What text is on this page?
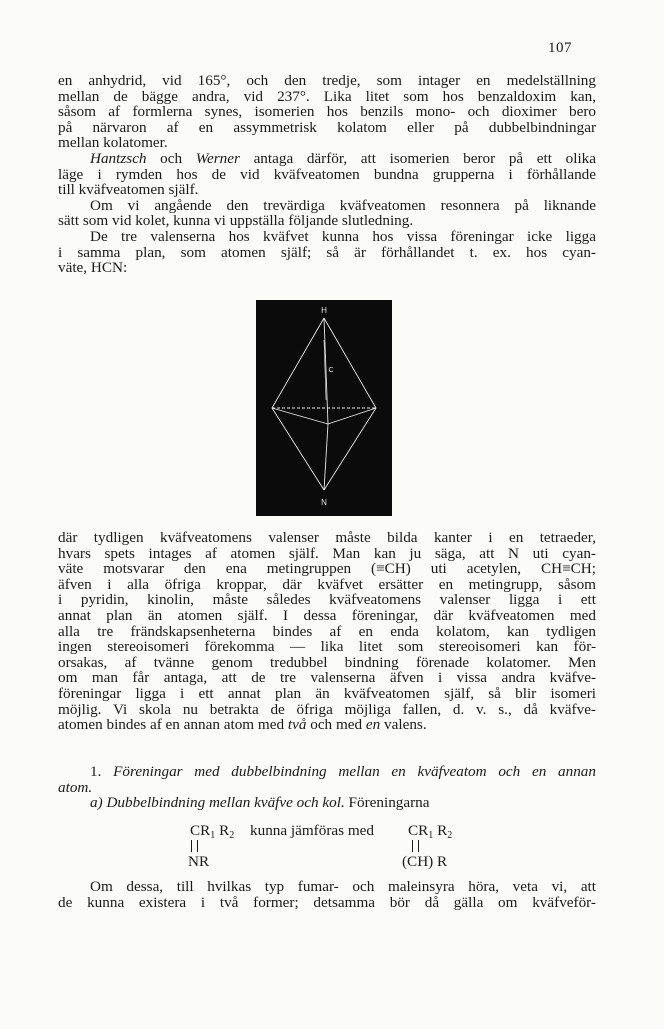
107
en anhydrid, vid 165°, och den tredje, som intager en medelställning
mellan de bägge andra, vid 237°. Lika litet som hos benzaldoxim kan,
såsom af formlerna synes, isomerien hos benzils mono- och dioximer bero
på närvaron af en assymmetrisk kolatom eller på dubbelbindningar
mellan kolatomer.
Hantzsch och Werner antaga därför, att isomerien beror på ett olika
läge i rymden hos de vid kväfveatomen bundna grupperna i förhållande
till kväfveatomen själf.
Om vi angående den trevärdiga kväfveatomen resonnera på liknande
sätt som vid kolet, kunna vi uppställa följande slutledning.
De tre valenserna hos kväfvet kunna hos vissa föreningar icke ligga
i samma plan, som atomen själf; så är förhållandet t. ex. hos cyan-
väte, HCN:
H
C
N
där tydligen kväfveatomens valenser måste bilda kanter i en tetraeder,
hvars spets intages af atomen själf. Man kan ju säga, att N uti cyan-
väte motsvarar den ena metingruppen (≡CH) uti acetylen, CH≡CH;
äfven i alla öfriga kroppar, där kväfvet ersätter en metingrupp, såsom
i pyridin, kinolin, måste således kväfveatomens valenser ligga i ett
annat plan än atomen själf. I dessa föreningar, där kväfveatomen med
alla tre frändskapsenheterna bindes af en enda kolatom, kan tydligen
ingen stereoisomeri förekomma — lika litet som stereoisomeri kan för-
orsakas, af tvänne genom tredubbel bindning förenade kolatomer. Men
om man får antaga, att de tre valenserna äfven i vissa andra kväfve-
föreningar ligga i ett annat plan än kväfveatomen själf, så blir isomeri
möjlig. Vi skola nu betrakta de öfriga möjliga fallen, d. v. s., då kväfve-
atomen bindes af en annan atom med två och med en valens.
1. Föreningar med dubbelbindning mellan en kväfveatom och en annan
atom.
a) Dubbelbindning mellan kväfve och kol. Föreningarna
$CR_1$ $R_2$ kunna jämföras med $CR_1$ $R_2$
NR	(CH) R
Om dessa, till hvilkas typ fumar- och maleinsyra höra, veta vi, att
de kunna existera i två former; detsamma bör då gälla om kväfveför-
